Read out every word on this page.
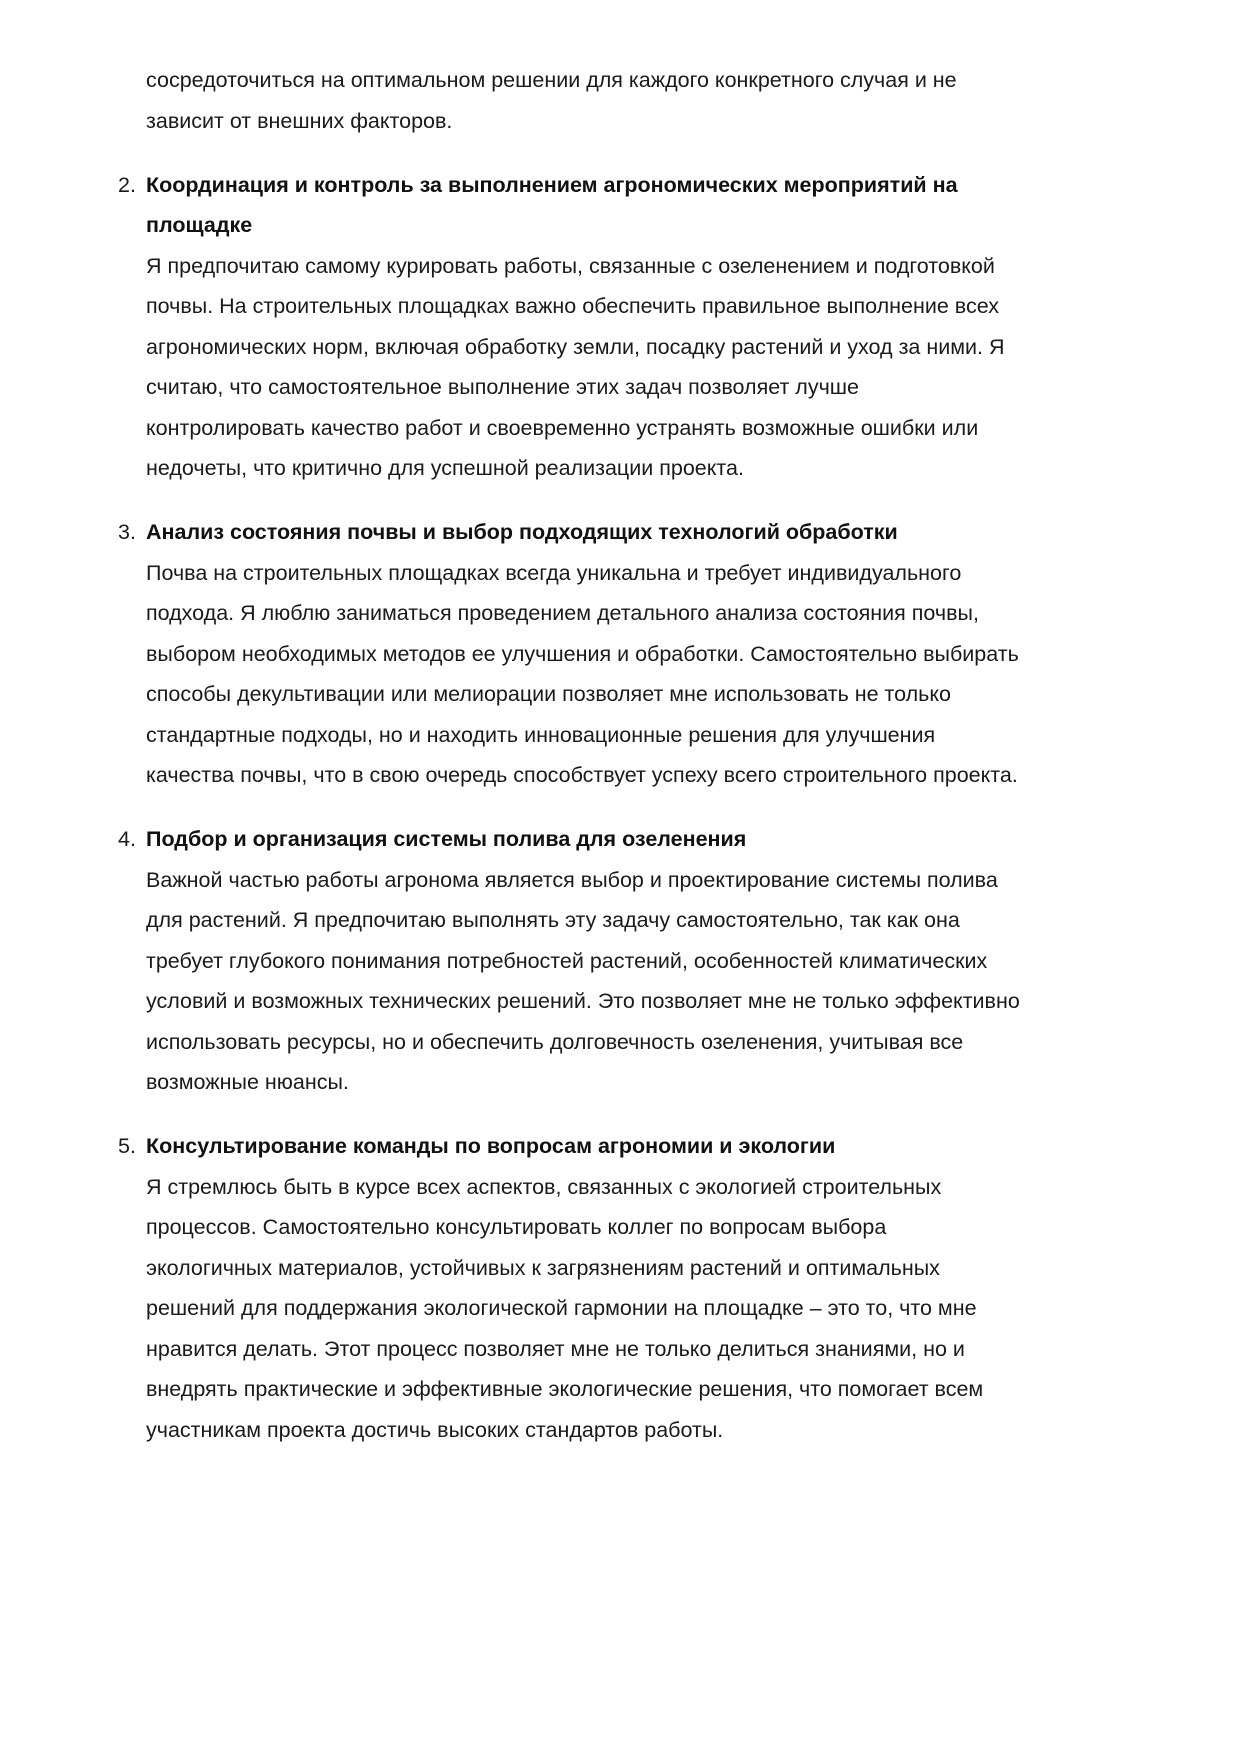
сосредоточиться на оптимальном решении для каждого конкретного случая и не
зависит от внешних факторов.
2. Координация и контроль за выполнением агрономических мероприятий на
площадке
Я предпочитаю самому курировать работы, связанные с озеленением и подготовкой
почвы. На строительных площадках важно обеспечить правильное выполнение всех
агрономических норм, включая обработку земли, посадку растений и уход за ними. Я
считаю, что самостоятельное выполнение этих задач позволяет лучше
контролировать качество работ и своевременно устранять возможные ошибки или
недочеты, что критично для успешной реализации проекта.
3. Анализ состояния почвы и выбор подходящих технологий обработки
Почва на строительных площадках всегда уникальна и требует индивидуального
подхода. Я люблю заниматься проведением детального анализа состояния почвы,
выбором необходимых методов ее улучшения и обработки. Самостоятельно выбирать
способы декультивации или мелиорации позволяет мне использовать не только
стандартные подходы, но и находить инновационные решения для улучшения
качества почвы, что в свою очередь способствует успеху всего строительного проекта.
4. Подбор и организация системы полива для озеленения
Важной частью работы агронома является выбор и проектирование системы полива
для растений. Я предпочитаю выполнять эту задачу самостоятельно, так как она
требует глубокого понимания потребностей растений, особенностей климатических
условий и возможных технических решений. Это позволяет мне не только эффективно
использовать ресурсы, но и обеспечить долговечность озеленения, учитывая все
возможные нюансы.
5. Консультирование команды по вопросам агрономии и экологии
Я стремлюсь быть в курсе всех аспектов, связанных с экологией строительных
процессов. Самостоятельно консультировать коллег по вопросам выбора
экологичных материалов, устойчивых к загрязнениям растений и оптимальных
решений для поддержания экологической гармонии на площадке – это то, что мне
нравится делать. Этот процесс позволяет мне не только делиться знаниями, но и
внедрять практические и эффективные экологические решения, что помогает всем
участникам проекта достичь высоких стандартов работы.
